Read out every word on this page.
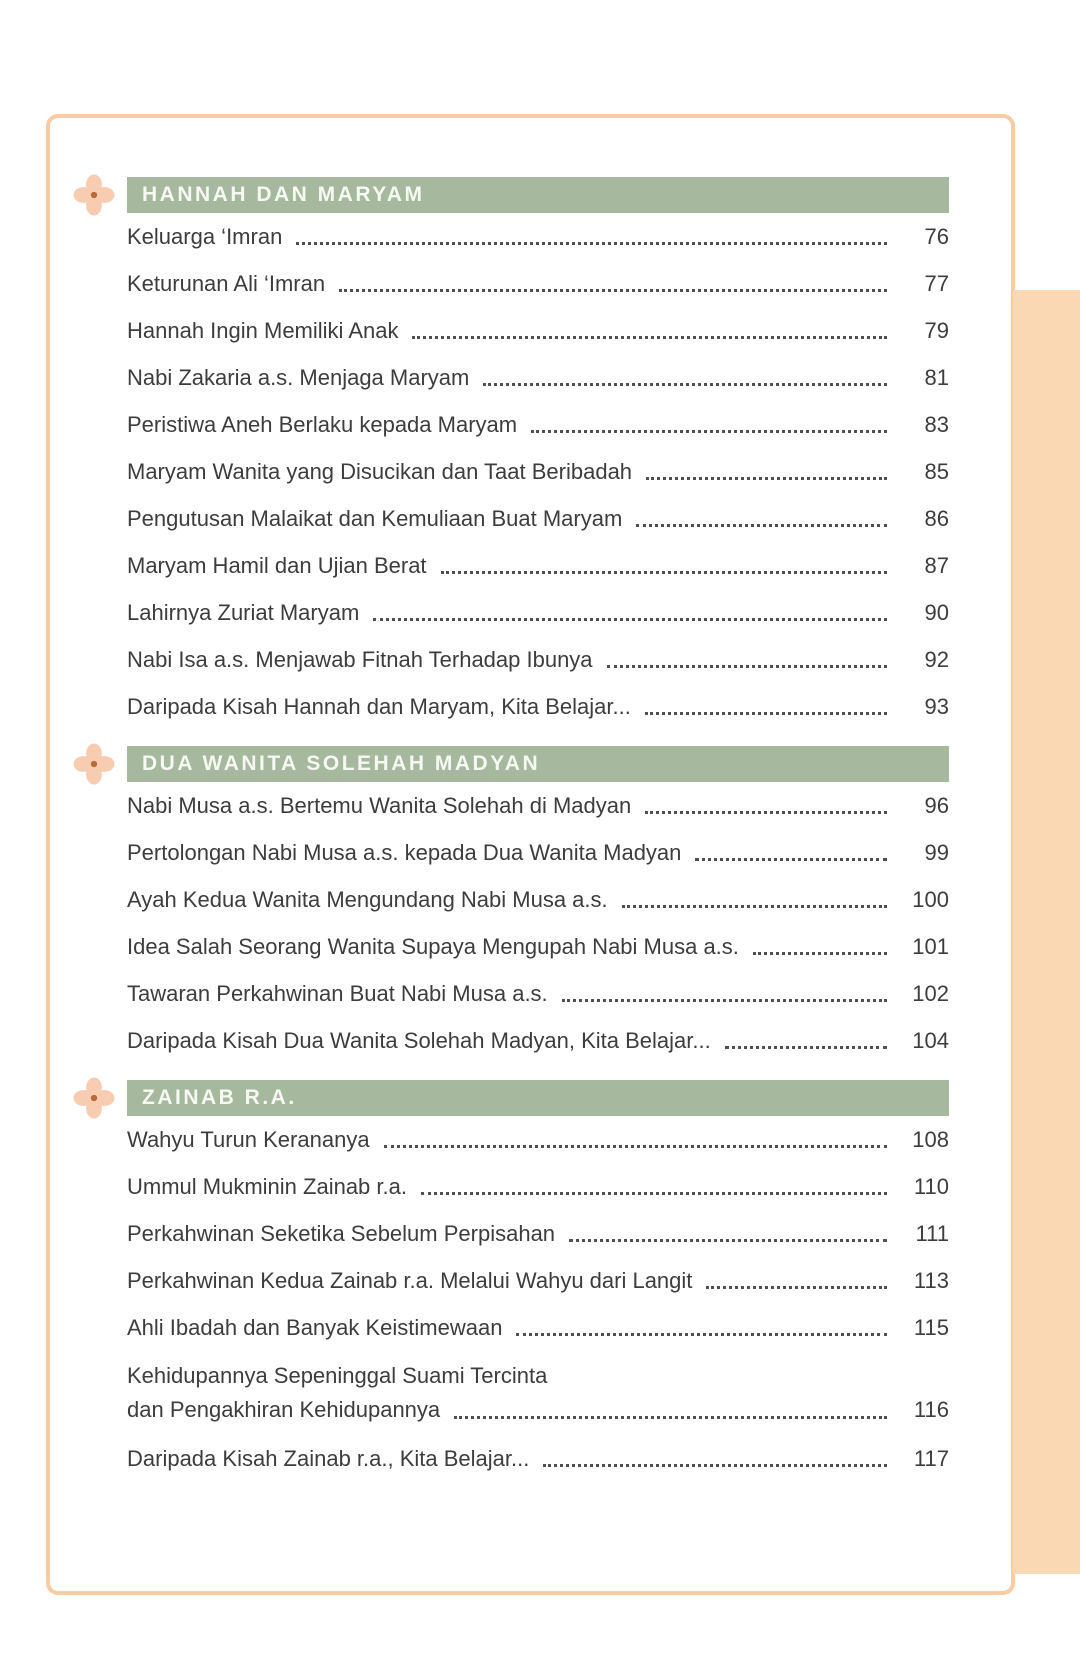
HANNAH DAN MARYAM
Keluarga ‘Imran	76
Keturunan Ali ‘Imran	77
Hannah Ingin Memiliki Anak	79
Nabi Zakaria a.s. Menjaga Maryam	81
Peristiwa Aneh Berlaku kepada Maryam	83
Maryam Wanita yang Disucikan dan Taat Beribadah	85
Pengutusan Malaikat dan Kemuliaan Buat Maryam	86
Maryam Hamil dan Ujian Berat	87
Lahirnya Zuriat Maryam	90
Nabi Isa a.s. Menjawab Fitnah Terhadap Ibunya	92
Daripada Kisah Hannah dan Maryam, Kita Belajar...	93
DUA WANITA SOLEHAH MADYAN
Nabi Musa a.s. Bertemu Wanita Solehah di Madyan	96
Pertolongan Nabi Musa a.s. kepada Dua Wanita Madyan	99
Ayah Kedua Wanita Mengundang Nabi Musa a.s.	100
Idea Salah Seorang Wanita Supaya Mengupah Nabi Musa a.s.	101
Tawaran Perkahwinan Buat Nabi Musa a.s.	102
Daripada Kisah Dua Wanita Solehah Madyan, Kita Belajar...	104
ZAINAB R.A.
Wahyu Turun Kerananya	108
Ummul Mukminin Zainab r.a.	110
Perkahwinan Seketika Sebelum Perpisahan	111
Perkahwinan Kedua Zainab r.a. Melalui Wahyu dari Langit	113
Ahli Ibadah dan Banyak Keistimewaan	115
Kehidupannya Sepeninggal Suami Tercinta
dan Pengakhiran Kehidupannya	116
Daripada Kisah Zainab r.a., Kita Belajar...	117
